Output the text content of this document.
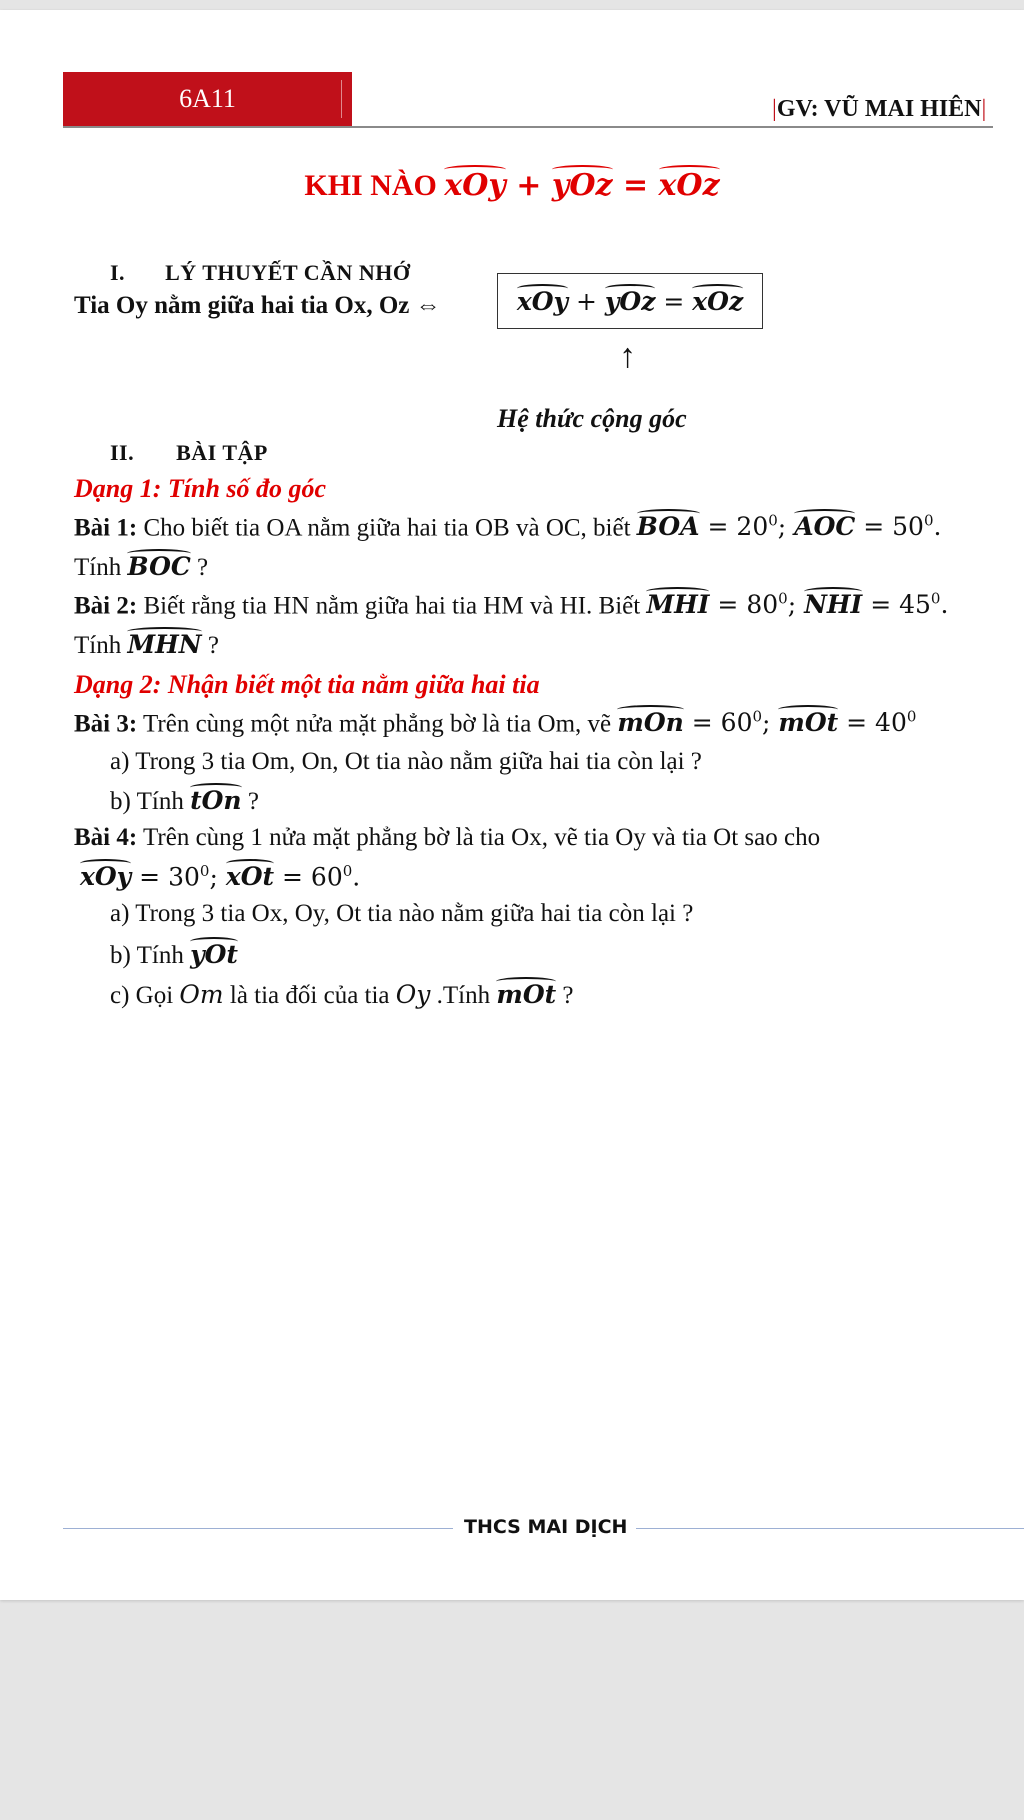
6A11	|GV: VŨ MAI HIÊN|
KHI NÀO xOy + yOz = xOz
I. LÝ THUYẾT CẦN NHỚ
Tia Oy nằm giữa hai tia Ox, Oz ⇔	xOy
+
yOz
=
xOz
↑
Hệ thức cộng góc
II. BÀI TẬP
Dạng 1: Tính số đo góc
Bài 1: Cho biết tia OA nằm giữa hai tia OB và OC, biết BOA = $20^0$; AOC = $50^0$.
Tính BOC ?
Bài 2: Biết rằng tia HN nằm giữa hai tia HM và HI. Biết MHI = $80^0$; NHI = $45^0$.
Tính MHN ?
Dạng 2: Nhận biết một tia nằm giữa hai tia
Bài 3: Trên cùng một nửa mặt phẳng bờ là tia Om, vẽ mOn = $60^0$; mOt = $40^0$
a) Trong 3 tia Om, On, Ot tia nào nằm giữa hai tia còn lại ?
b) Tính tOn ?
Bài 4: Trên cùng 1 nửa mặt phẳng bờ là tia Ox, vẽ tia Oy và tia Ot sao cho
xOy = $30^0$; xOt = $60^0$.
a) Trong 3 tia Ox, Oy, Ot tia nào nằm giữa hai tia còn lại ?
b) Tính yOt
c) Gọi Om là tia đối của tia Oy .Tính mOt ?
THCS MAI DỊCH
